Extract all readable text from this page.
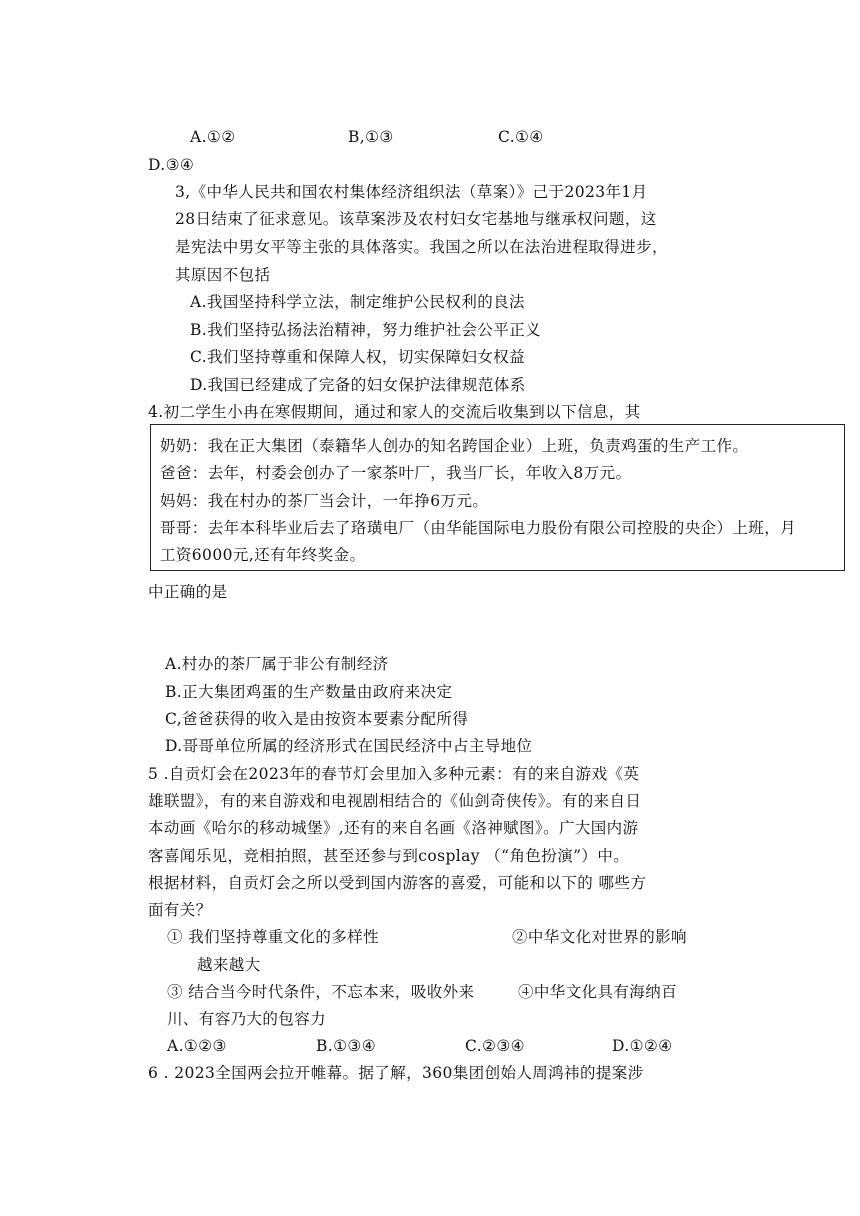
A.①②	B,①③	C.①④
D.③④
3,《中华人民共和国农村集体经济组织法（草案）》己于2023年1月
28日结束了征求意见。该草案涉及农村妇女宅基地与继承权问题，这
是宪法中男女平等主张的具体落实。我国之所以在法治进程取得进步，
其原因不包括
A.我国坚持科学立法，制定维护公民权利的良法
B.我们坚持弘扬法治精神，努力维护社会公平正义
C.我们坚持尊重和保障人权，切实保障妇女权益
D.我国已经建成了完备的妇女保护法律规范体系
4.初二学生小冉在寒假期间，通过和家人的交流后收集到以下信息，其
奶奶：我在正大集团（泰籍华人创办的知名跨国企业）上班，负责鸡蛋的生产工作。
爸爸：去年，村委会创办了一家茶叶厂，我当厂长，年收入8万元。
妈妈：我在村办的茶厂当会计，一年挣6万元。
哥哥：去年本科毕业后去了珞璜电厂（由华能国际电力股份有限公司控股的央企）上班，月
工资6000元,还有年终奖金。
中正确的是
A.村办的茶厂属于非公有制经济
B.正大集团鸡蛋的生产数量由政府来决定
C,爸爸获得的收入是由按资本要素分配所得
D.哥哥单位所属的经济形式在国民经济中占主导地位
5 .自贡灯会在2023年的春节灯会里加入多种元素：有的来自游戏《英
雄联盟》，有的来自游戏和电视剧相结合的《仙剑奇侠传》。有的来自日
本动画《哈尔的移动城堡》,还有的来自名画《洛神赋图》。广大国内游
客喜闻乐见，竞相拍照，甚至还参与到cosplay （“角色扮演”）中。
根据材料，自贡灯会之所以受到国内游客的喜爱，可能和以下的 哪些方
面有关？
① 我们坚持尊重文化的多样性	②中华文化对世界的影响
越来越大
③ 结合当今时代条件，不忘本来，吸收外来	④中华文化具有海纳百
川、有容乃大的包容力
A.①②③	B.①③④	C.②③④	D.①②④
6 . 2023全国两会拉开帷幕。据了解，360集团创始人周鸿祎的提案涉
